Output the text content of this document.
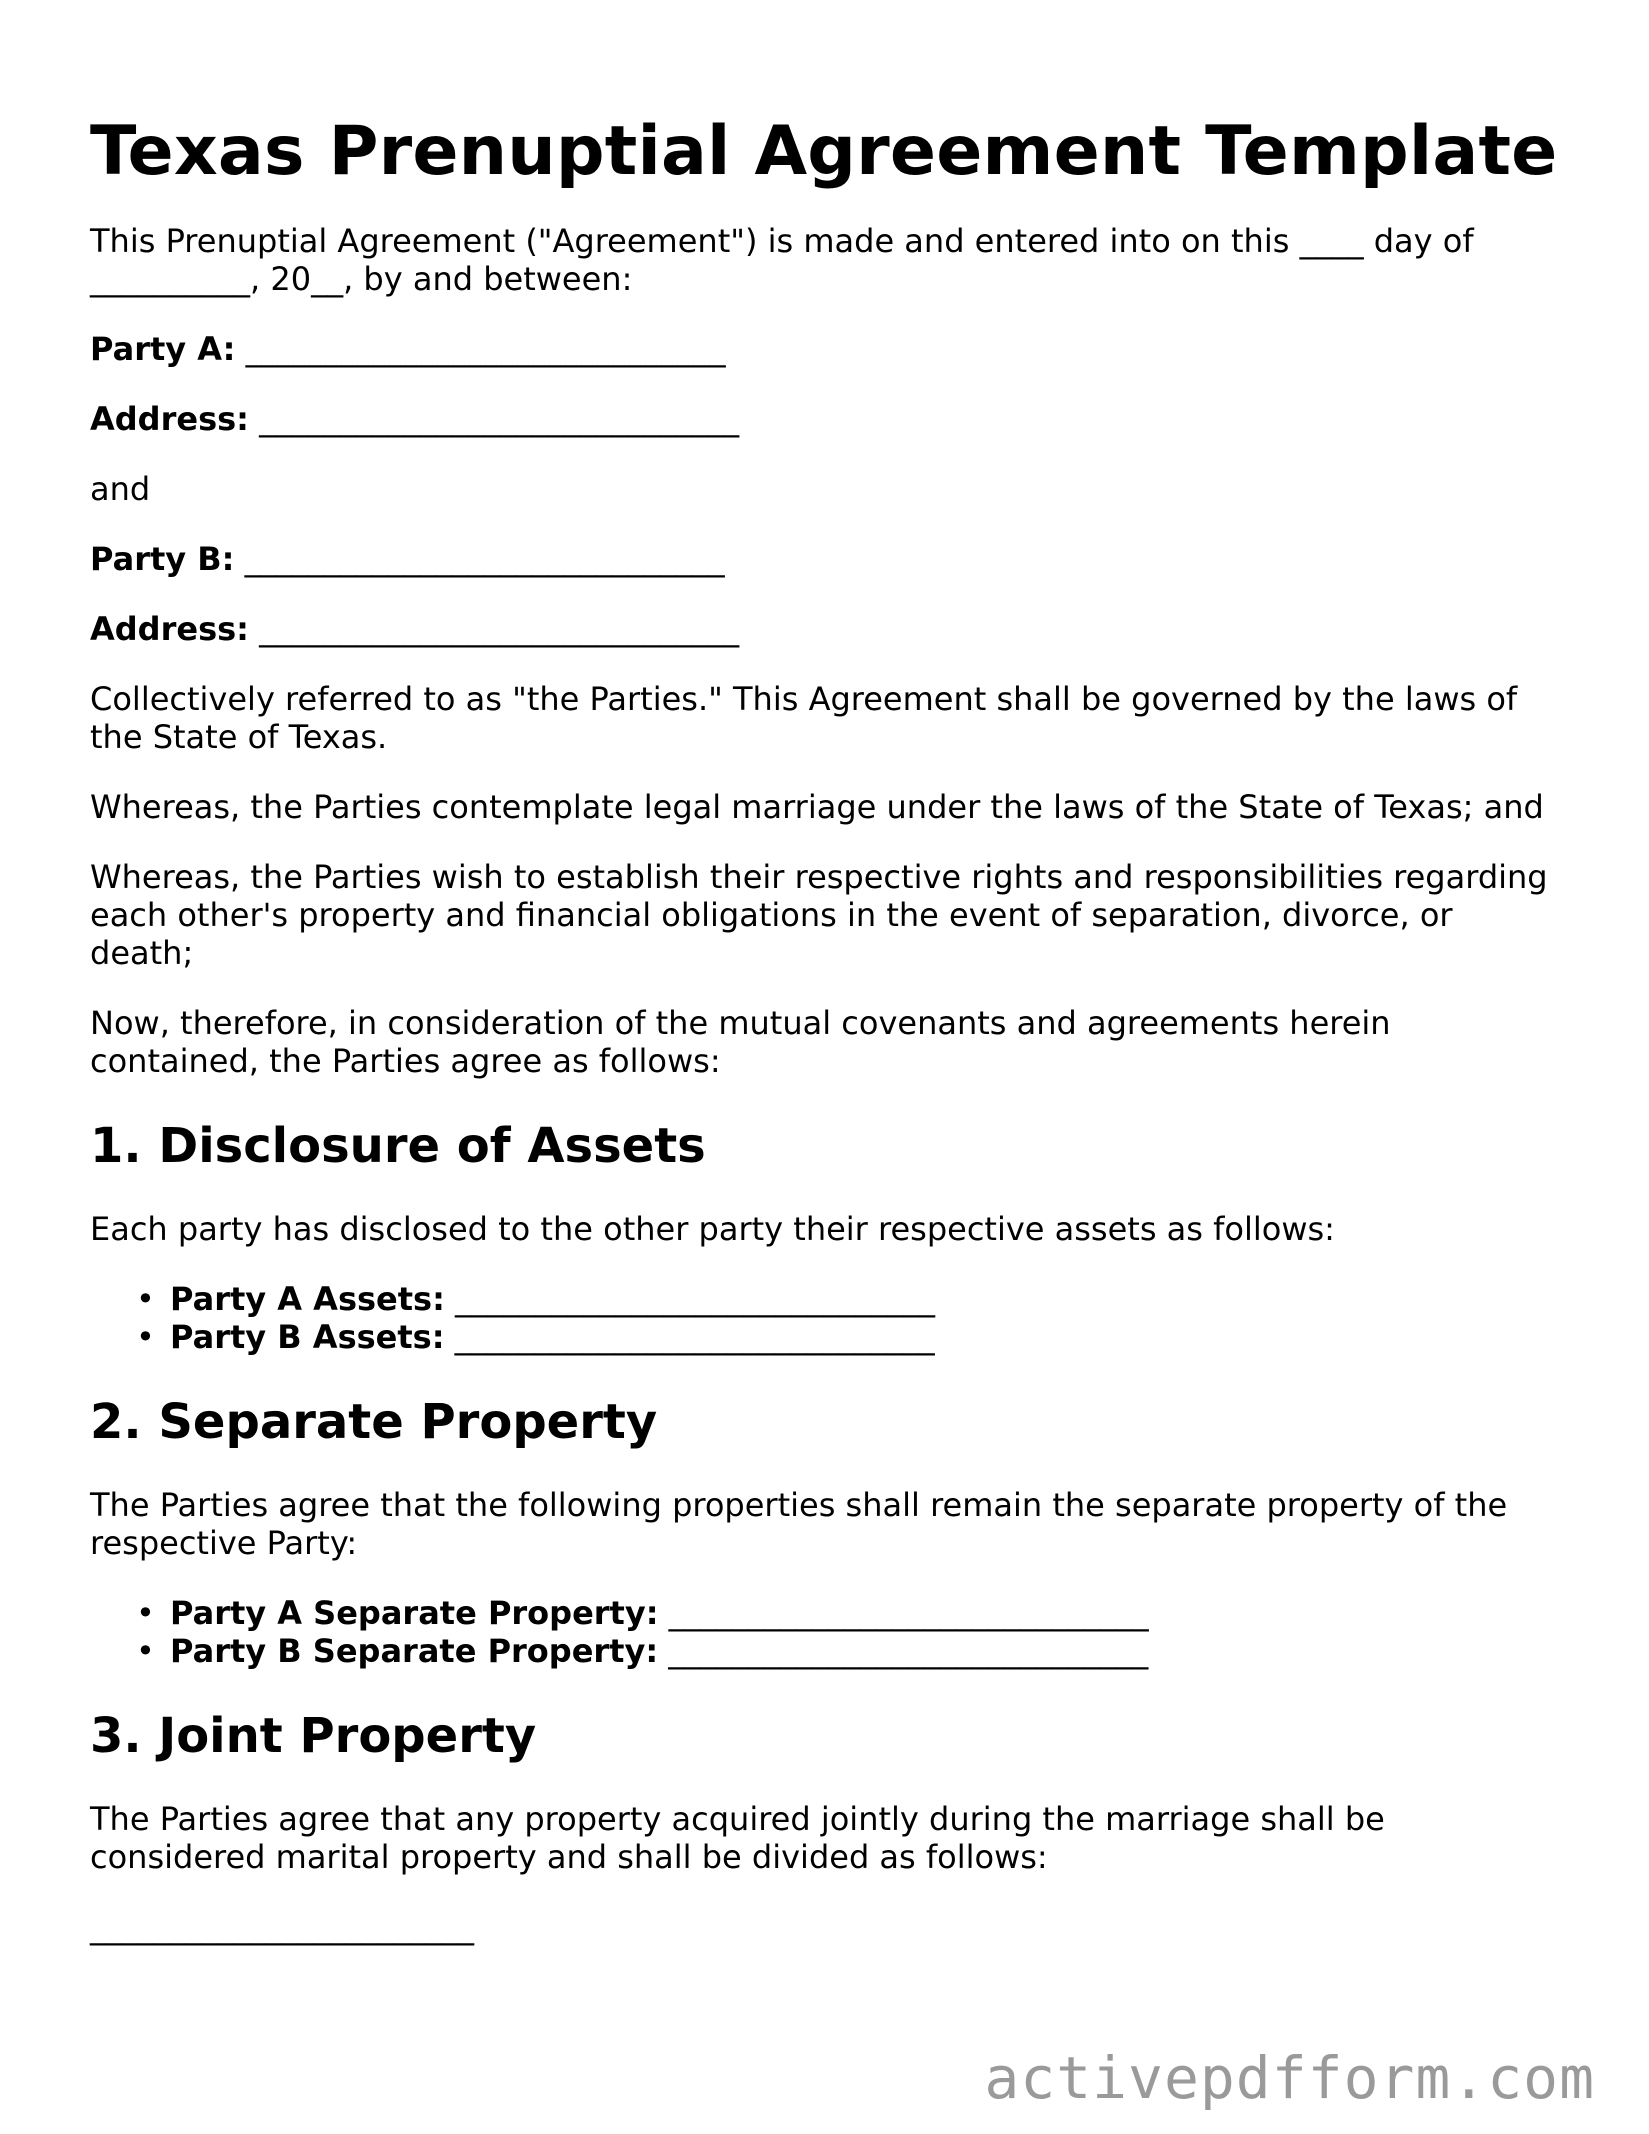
Texas Prenuptial Agreement Template

This Prenuptial Agreement ("Agreement") is made and entered into on this ____ day of __________, 20__, by and between:

Party A: ______________________________
Address: ______________________________

and

Party B: ______________________________
Address: ______________________________

Collectively referred to as "the Parties." This Agreement shall be governed by the laws of the State of Texas.

Whereas, the Parties contemplate legal marriage under the laws of the State of Texas; and

Whereas, the Parties wish to establish their respective rights and responsibilities regarding each other's property and financial obligations in the event of separation, divorce, or death;

Now, therefore, in consideration of the mutual covenants and agreements herein contained, the Parties agree as follows:

1. Disclosure of Assets

Each party has disclosed to the other party their respective assets as follows:

• Party A Assets: ______________________________
• Party B Assets: ______________________________
2. Separate Property

The Parties agree that the following properties shall remain the separate property of the respective Party:

• Party A Separate Property: ______________________________
• Party B Separate Property: ______________________________
3. Joint Property

The Parties agree that any property acquired jointly during the marriage shall be considered marital property and shall be divided as follows:

________________________
activepdfform.com
